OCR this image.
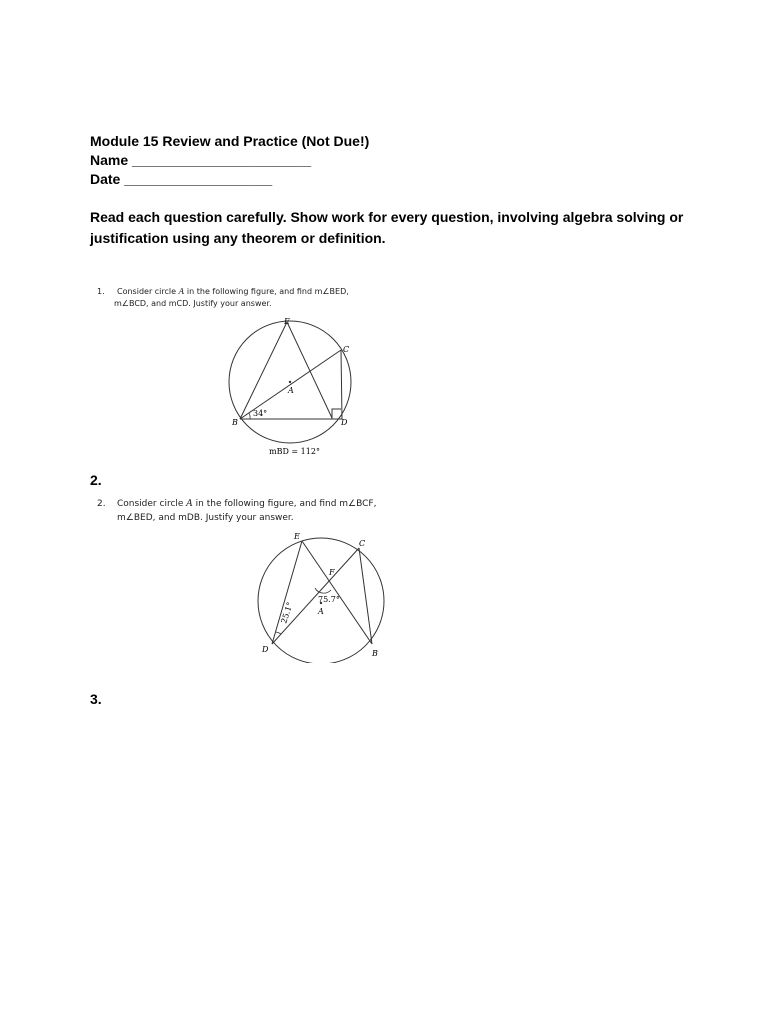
Module 15 Review and Practice (Not Due!)
Name _______________________
Date ___________________
Read each question carefully. Show work for every question, involving algebra solving or justification using any theorem or definition.
1. Consider circle A in the following figure, and find m∠BED,
m∠BCD, and mCD. Justify your answer.
E
C
A
B	D
34°
mBD = 112°
2.
2. Consider circle A in the following figure, and find m∠BCF,
m∠BED, and mDB. Justify your answer.
E
C
F
A
D	B
75.7°
25.1°
3.
